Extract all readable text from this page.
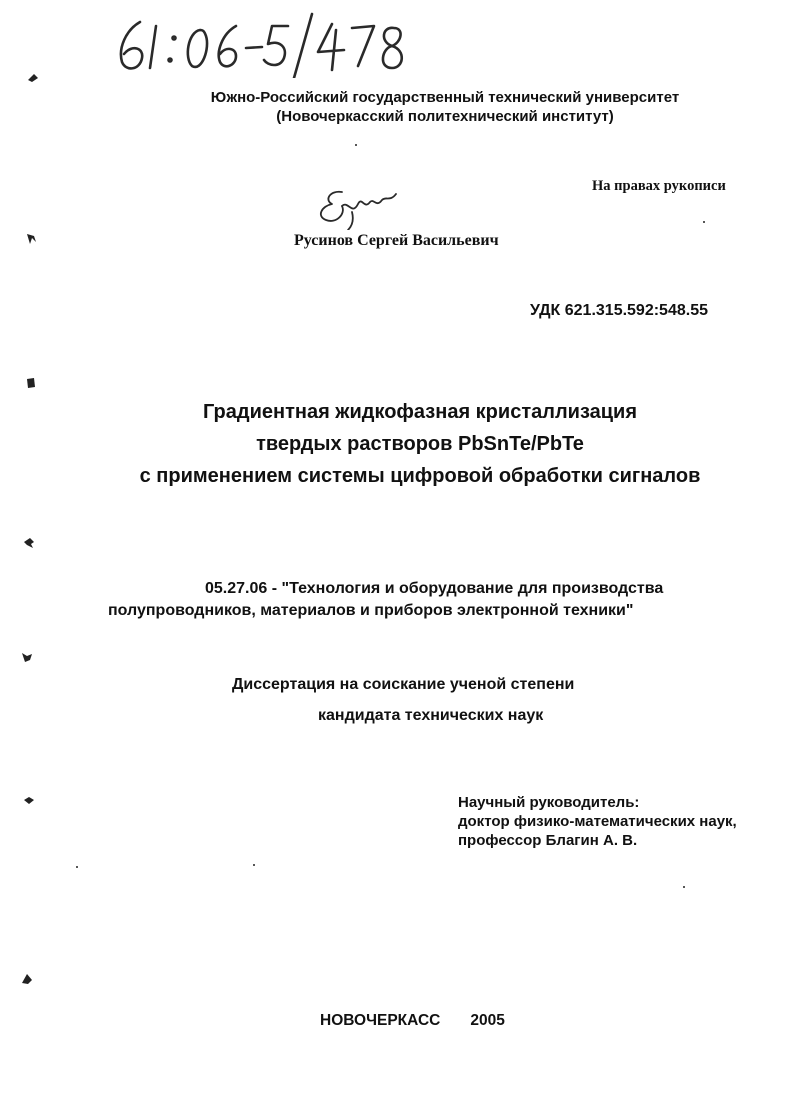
Южно-Российский государственный технический университет
(Новочеркасский политехнический институт)
На правах рукописи
Русинов Сергей Васильевич
УДК 621.315.592:548.55
Градиентная жидкофазная кристаллизация
твердых растворов PbSnTe/PbTe
с применением системы цифровой обработки сигналов
05.27.06 - "Технология и оборудование для производства
полупроводников, материалов и приборов электронной техники"
Диссертация на соискание ученой степени
кандидата технических наук
Научный руководитель:
доктор физико-математических наук,
профессор Благин А. В.
НОВОЧЕРКАСС 2005
